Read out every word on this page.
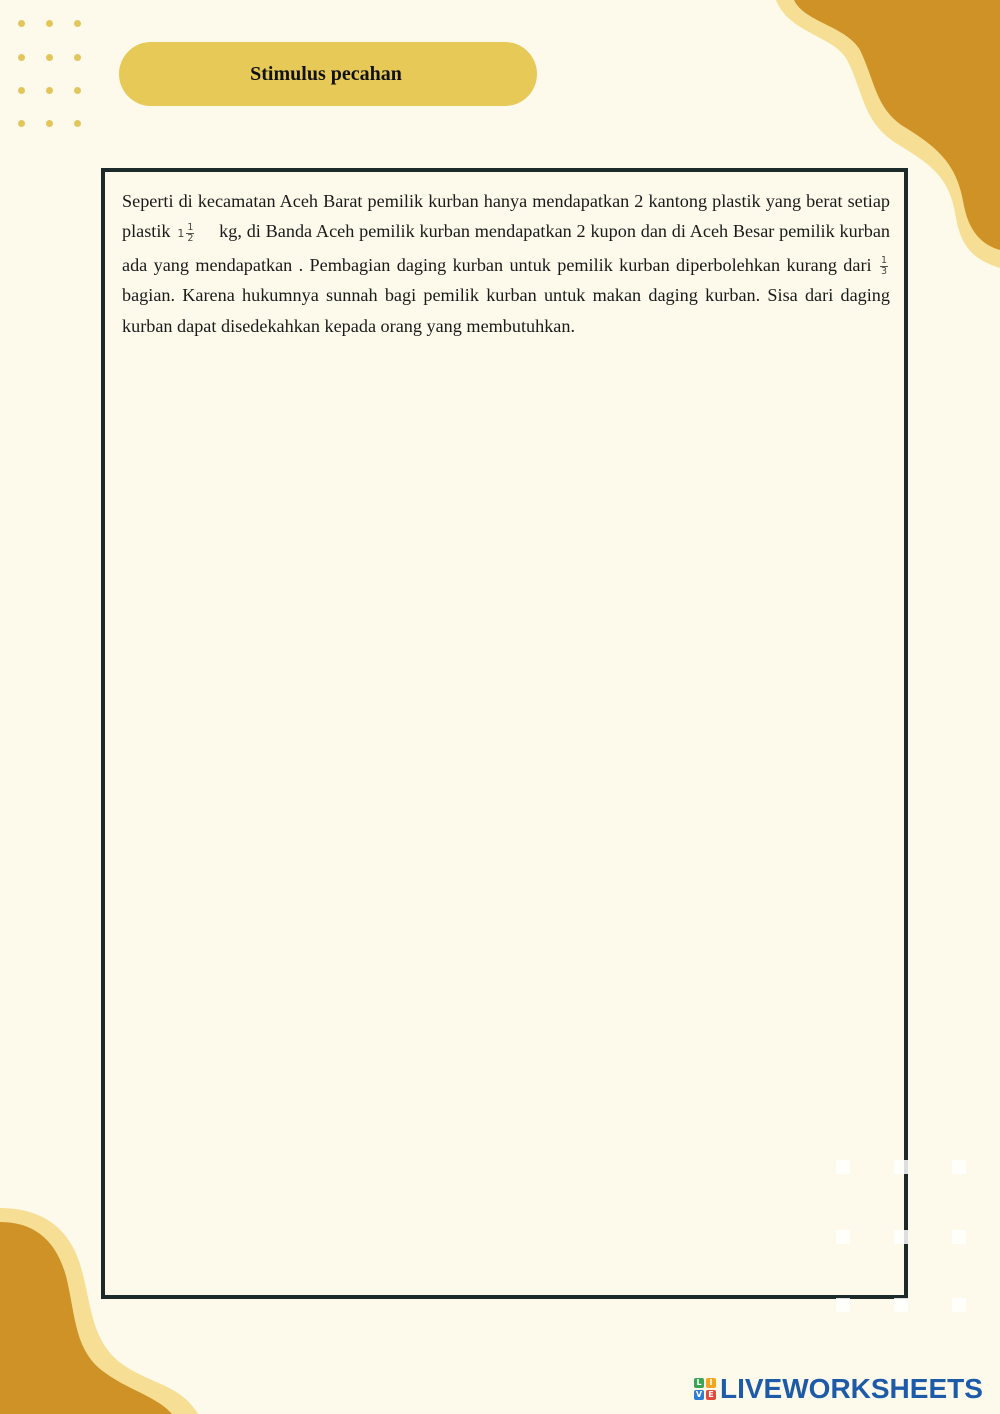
Stimulus pecahan
Seperti di kecamatan Aceh Barat pemilik kurban hanya mendapatkan 2 kantong plastik yang berat setiap plastik $1 \frac{1}{2}$ kg, di Banda Aceh pemilik kurban mendapatkan 2 kupon dan di Aceh Besar pemilik kurban ada yang mendapatkan . Pembagian daging kurban untuk pemilik kurban diperbolehkan kurang dari $\frac{1}{3}$
bagian. Karena hukumnya sunnah bagi pemilik kurban untuk makan daging kurban. Sisa dari daging kurban dapat disedekahkan kepada orang yang membutuhkan.
L I
V E LIVEWORKSHEETS
